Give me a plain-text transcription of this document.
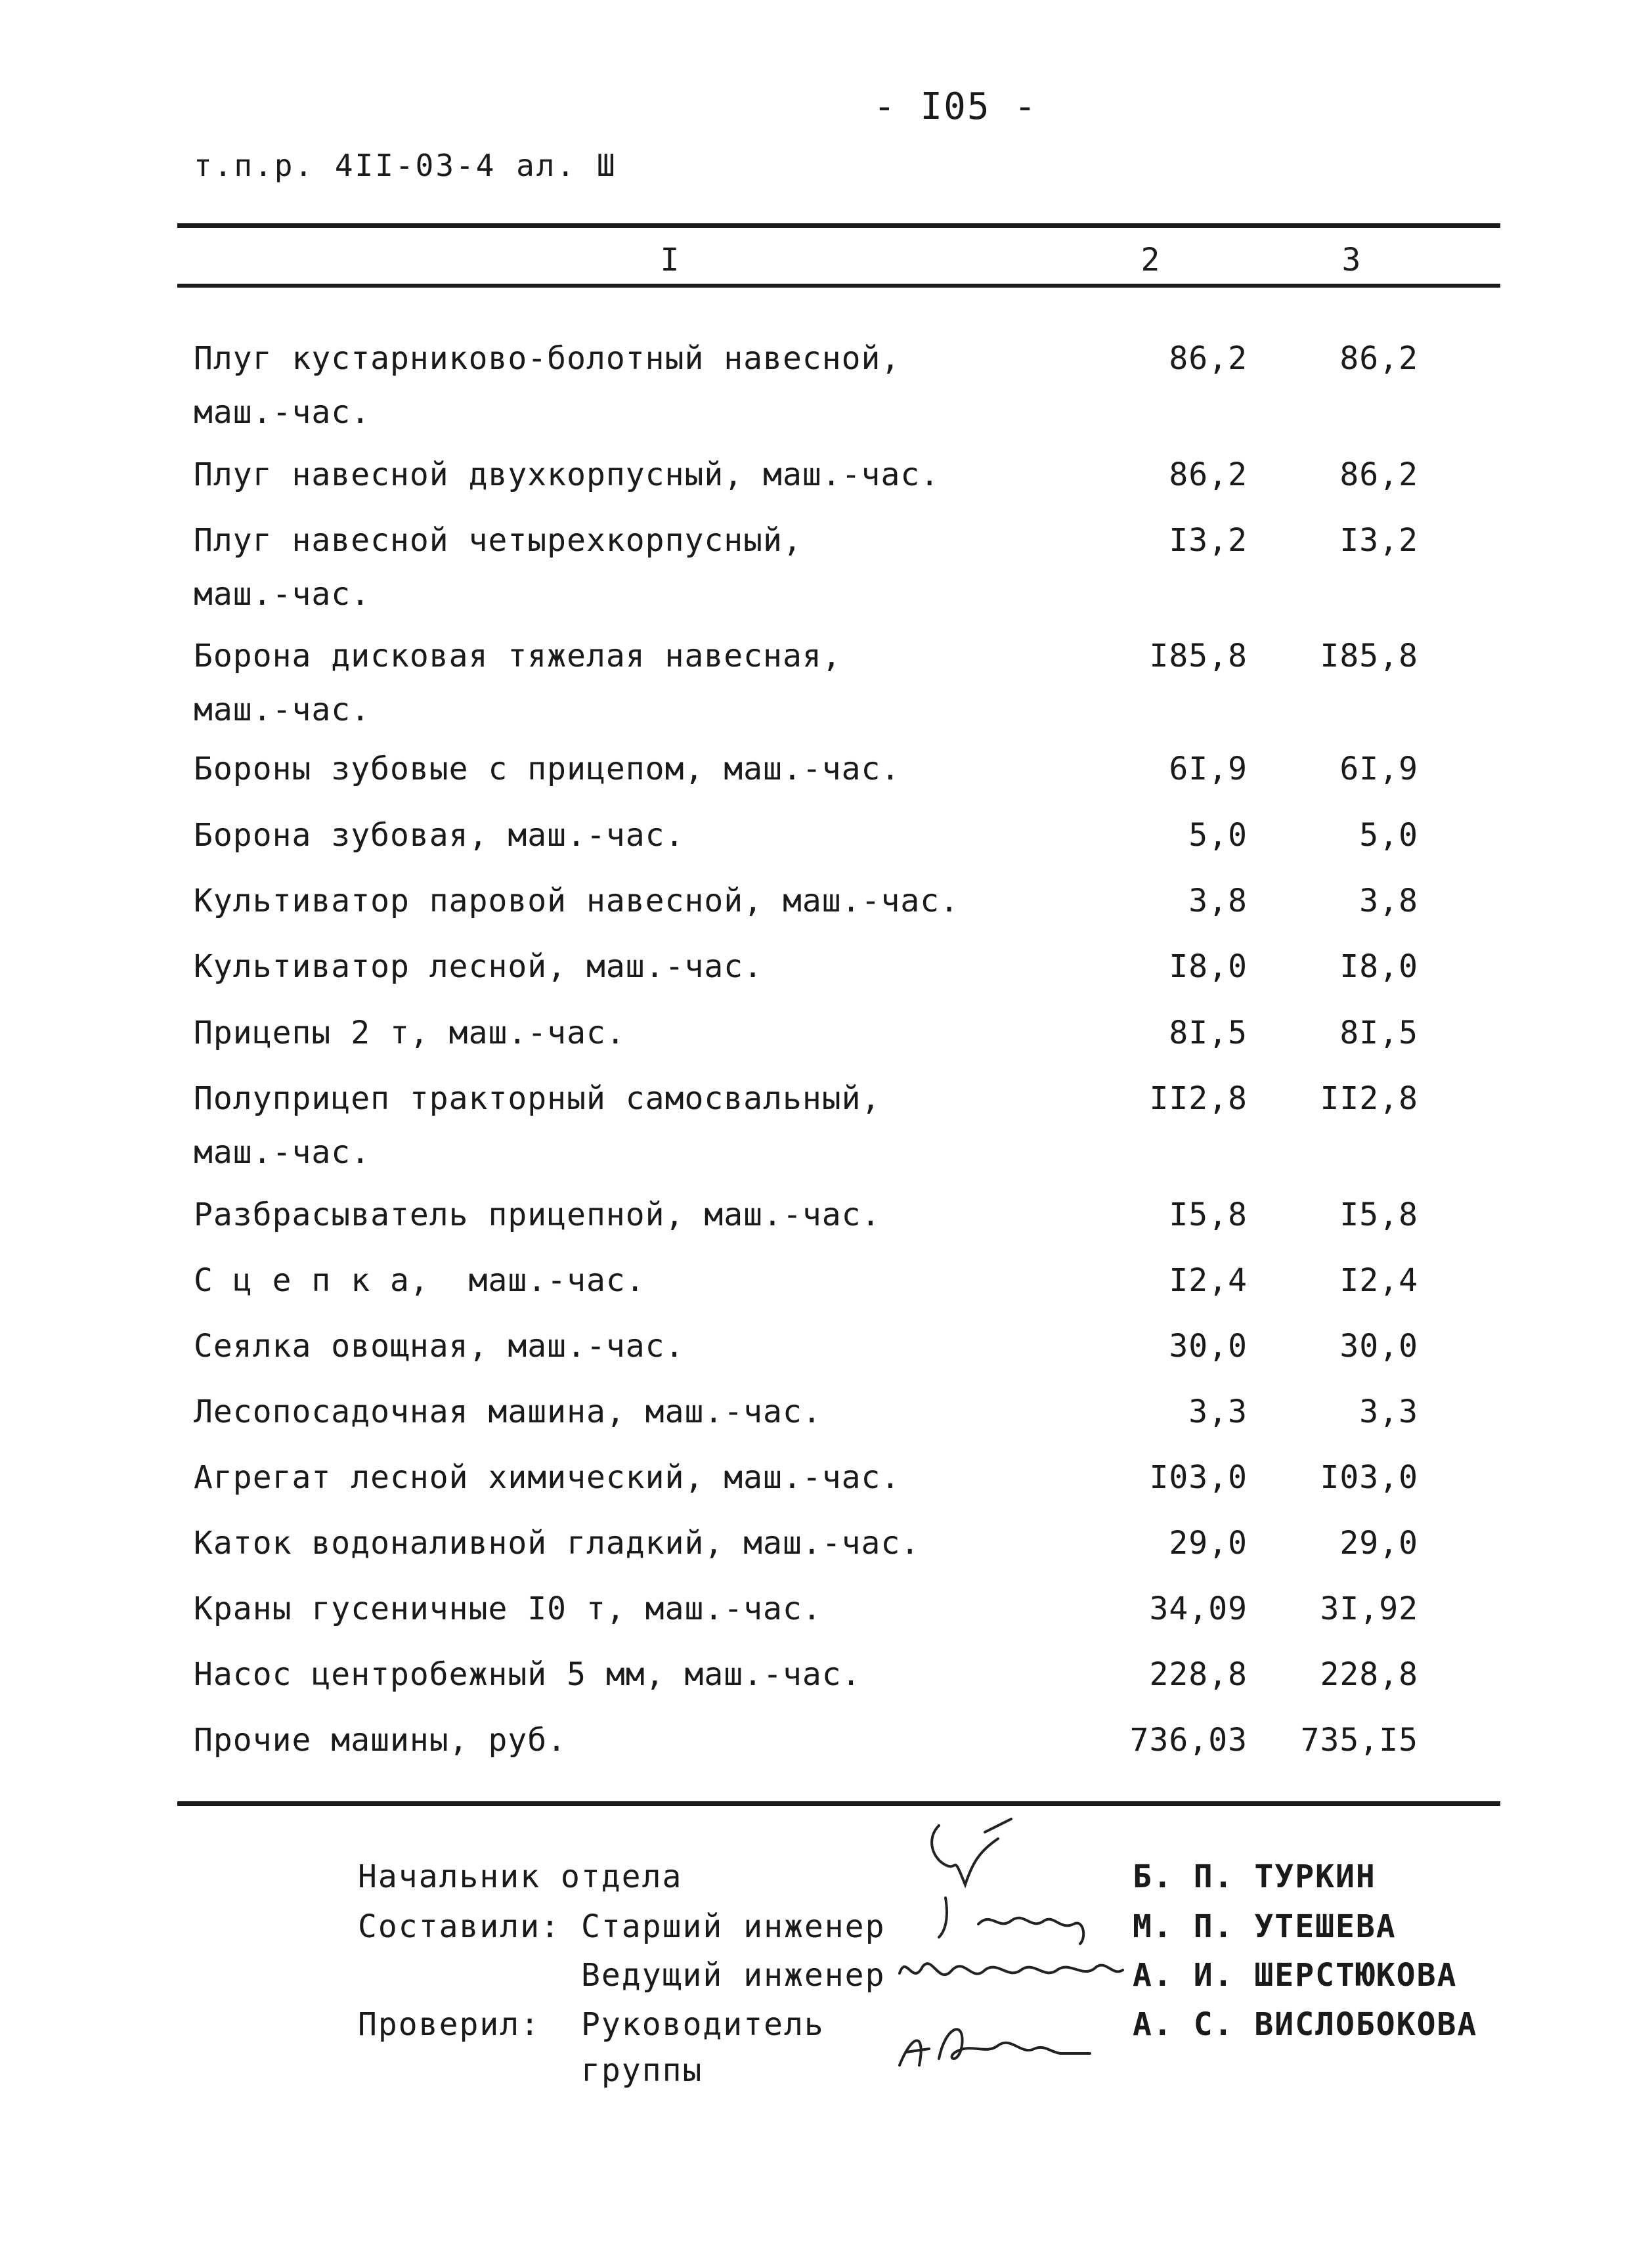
- I05 -
т.п.р. 4II-03-4 ал. Ш
I	2	3
Плуг кустарниково-болотный навесной,
маш.-час.
86,2	86,2
Плуг навесной двухкорпусный, маш.-час.	86,2	86,2
Плуг навесной четырехкорпусный,
маш.-час.
I3,2	I3,2
Борона дисковая тяжелая навесная,
маш.-час.
I85,8	I85,8
Бороны зубовые с прицепом, маш.-час.	6I,9	6I,9
Борона зубовая, маш.-час.	5,0	5,0
Культиватор паровой навесной, маш.-час.	3,8	3,8
Культиватор лесной, маш.-час.	I8,0	I8,0
Прицепы 2 т, маш.-час.	8I,5	8I,5
Полуприцеп тракторный самосвальный,
маш.-час.
II2,8	II2,8
Разбрасыватель прицепной, маш.-час.	I5,8	I5,8
С ц е п к а,  маш.-час.	I2,4	I2,4
Сеялка овощная, маш.-час.	30,0	30,0
Лесопосадочная машина, маш.-час.	3,3	3,3
Агрегат лесной химический, маш.-час.	I03,0	I03,0
Каток водоналивной гладкий, маш.-час.	29,0	29,0
Краны гусеничные I0 т, маш.-час.	34,09	3I,92
Насос центробежный 5 мм, маш.-час.	228,8	228,8
Прочие машины, руб.	736,03	735,I5
Начальник отдела	Б. П. ТУРКИН
Составили: Старший инженер	М. П. УТЕШЕВА
Ведущий инженер	А. И. ШЕРСТЮКОВА
Проверил: Руководитель	А. С. ВИСЛОБОКОВА
группы
